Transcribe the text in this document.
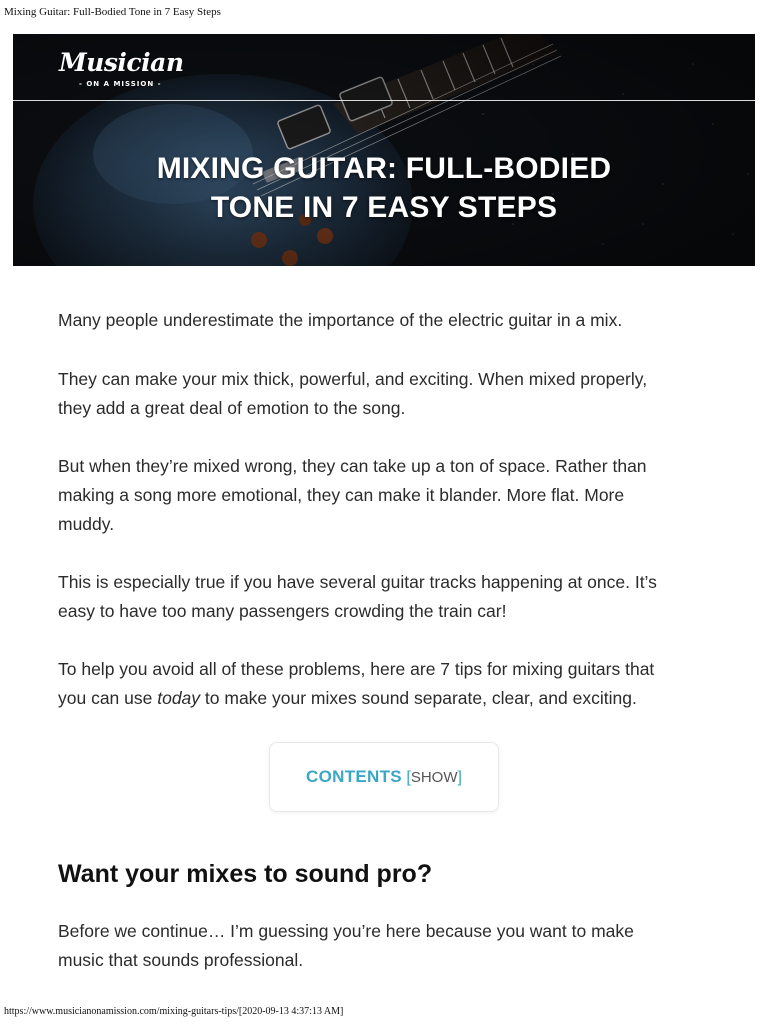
Mixing Guitar: Full-Bodied Tone in 7 Easy Steps
Musician
- ON A MISSION -
MIXING GUITAR: FULL-BODIED
TONE IN 7 EASY STEPS

Many people underestimate the importance of the electric guitar in a mix.

They can make your mix thick, powerful, and exciting. When mixed properly,
they add a great deal of emotion to the song.

But when they’re mixed wrong, they can take up a ton of space. Rather than
making a song more emotional, they can make it blander. More flat. More
muddy.

This is especially true if you have several guitar tracks happening at once. It’s
easy to have too many passengers crowding the train car!

To help you avoid all of these problems, here are 7 tips for mixing guitars that
you can use today to make your mixes sound separate, clear, and exciting.

CONTENTS [SHOW]
Want your mixes to sound pro?

Before we continue… I’m guessing you’re here because you want to make
music that sounds professional.

https://www.musicianonamission.com/mixing-guitars-tips/[2020-09-13 4:37:13 AM]
